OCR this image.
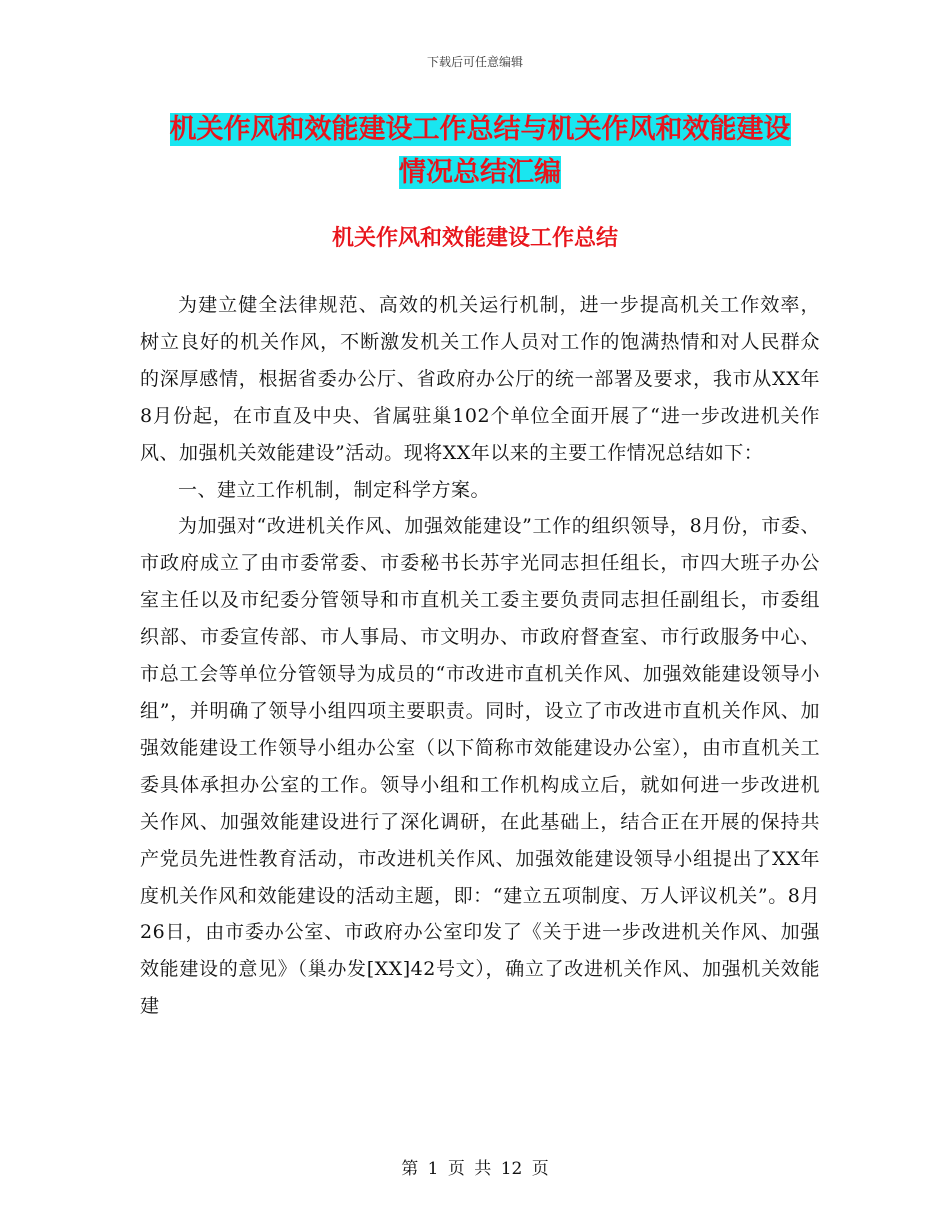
下载后可任意编辑
机关作风和效能建设工作总结与机关作风和效能建设
情况总结汇编
机关作风和效能建设工作总结

为建立健全法律规范、高效的机关运行机制，进一步提高机关工作效率，树立良好的机关作风，不断激发机关工作人员对工作的饱满热情和对人民群众的深厚感情，根据省委办公厅、省政府办公厅的统一部署及要求，我市从XX年8月份起，在市直及中央、省属驻巢102个单位全面开展了“进一步改进机关作风、加强机关效能建设”活动。现将XX年以来的主要工作情况总结如下：

一、建立工作机制，制定科学方案。

为加强对“改进机关作风、加强效能建设”工作的组织领导，8月份，市委、市政府成立了由市委常委、市委秘书长苏宇光同志担任组长，市四大班子办公室主任以及市纪委分管领导和市直机关工委主要负责同志担任副组长，市委组织部、市委宣传部、市人事局、市文明办、市政府督查室、市行政服务中心、市总工会等单位分管领导为成员的“市改进市直机关作风、加强效能建设领导小组”，并明确了领导小组四项主要职责。同时，设立了市改进市直机关作风、加强效能建设工作领导小组办公室（以下简称市效能建设办公室），由市直机关工委具体承担办公室的工作。领导小组和工作机构成立后，就如何进一步改进机关作风、加强效能建设进行了深化调研，在此基础上，结合正在开展的保持共产党员先进性教育活动，市改进机关作风、加强效能建设领导小组提出了XX年度机关作风和效能建设的活动主题，即：“建立五项制度、万人评议机关”。8月26日，由市委办公室、市政府办公室印发了《关于进一步改进机关作风、加强效能建设的意见》（巢办发[XX]42号文），确立了改进机关作风、加强机关效能建

第 1 页 共 12 页
